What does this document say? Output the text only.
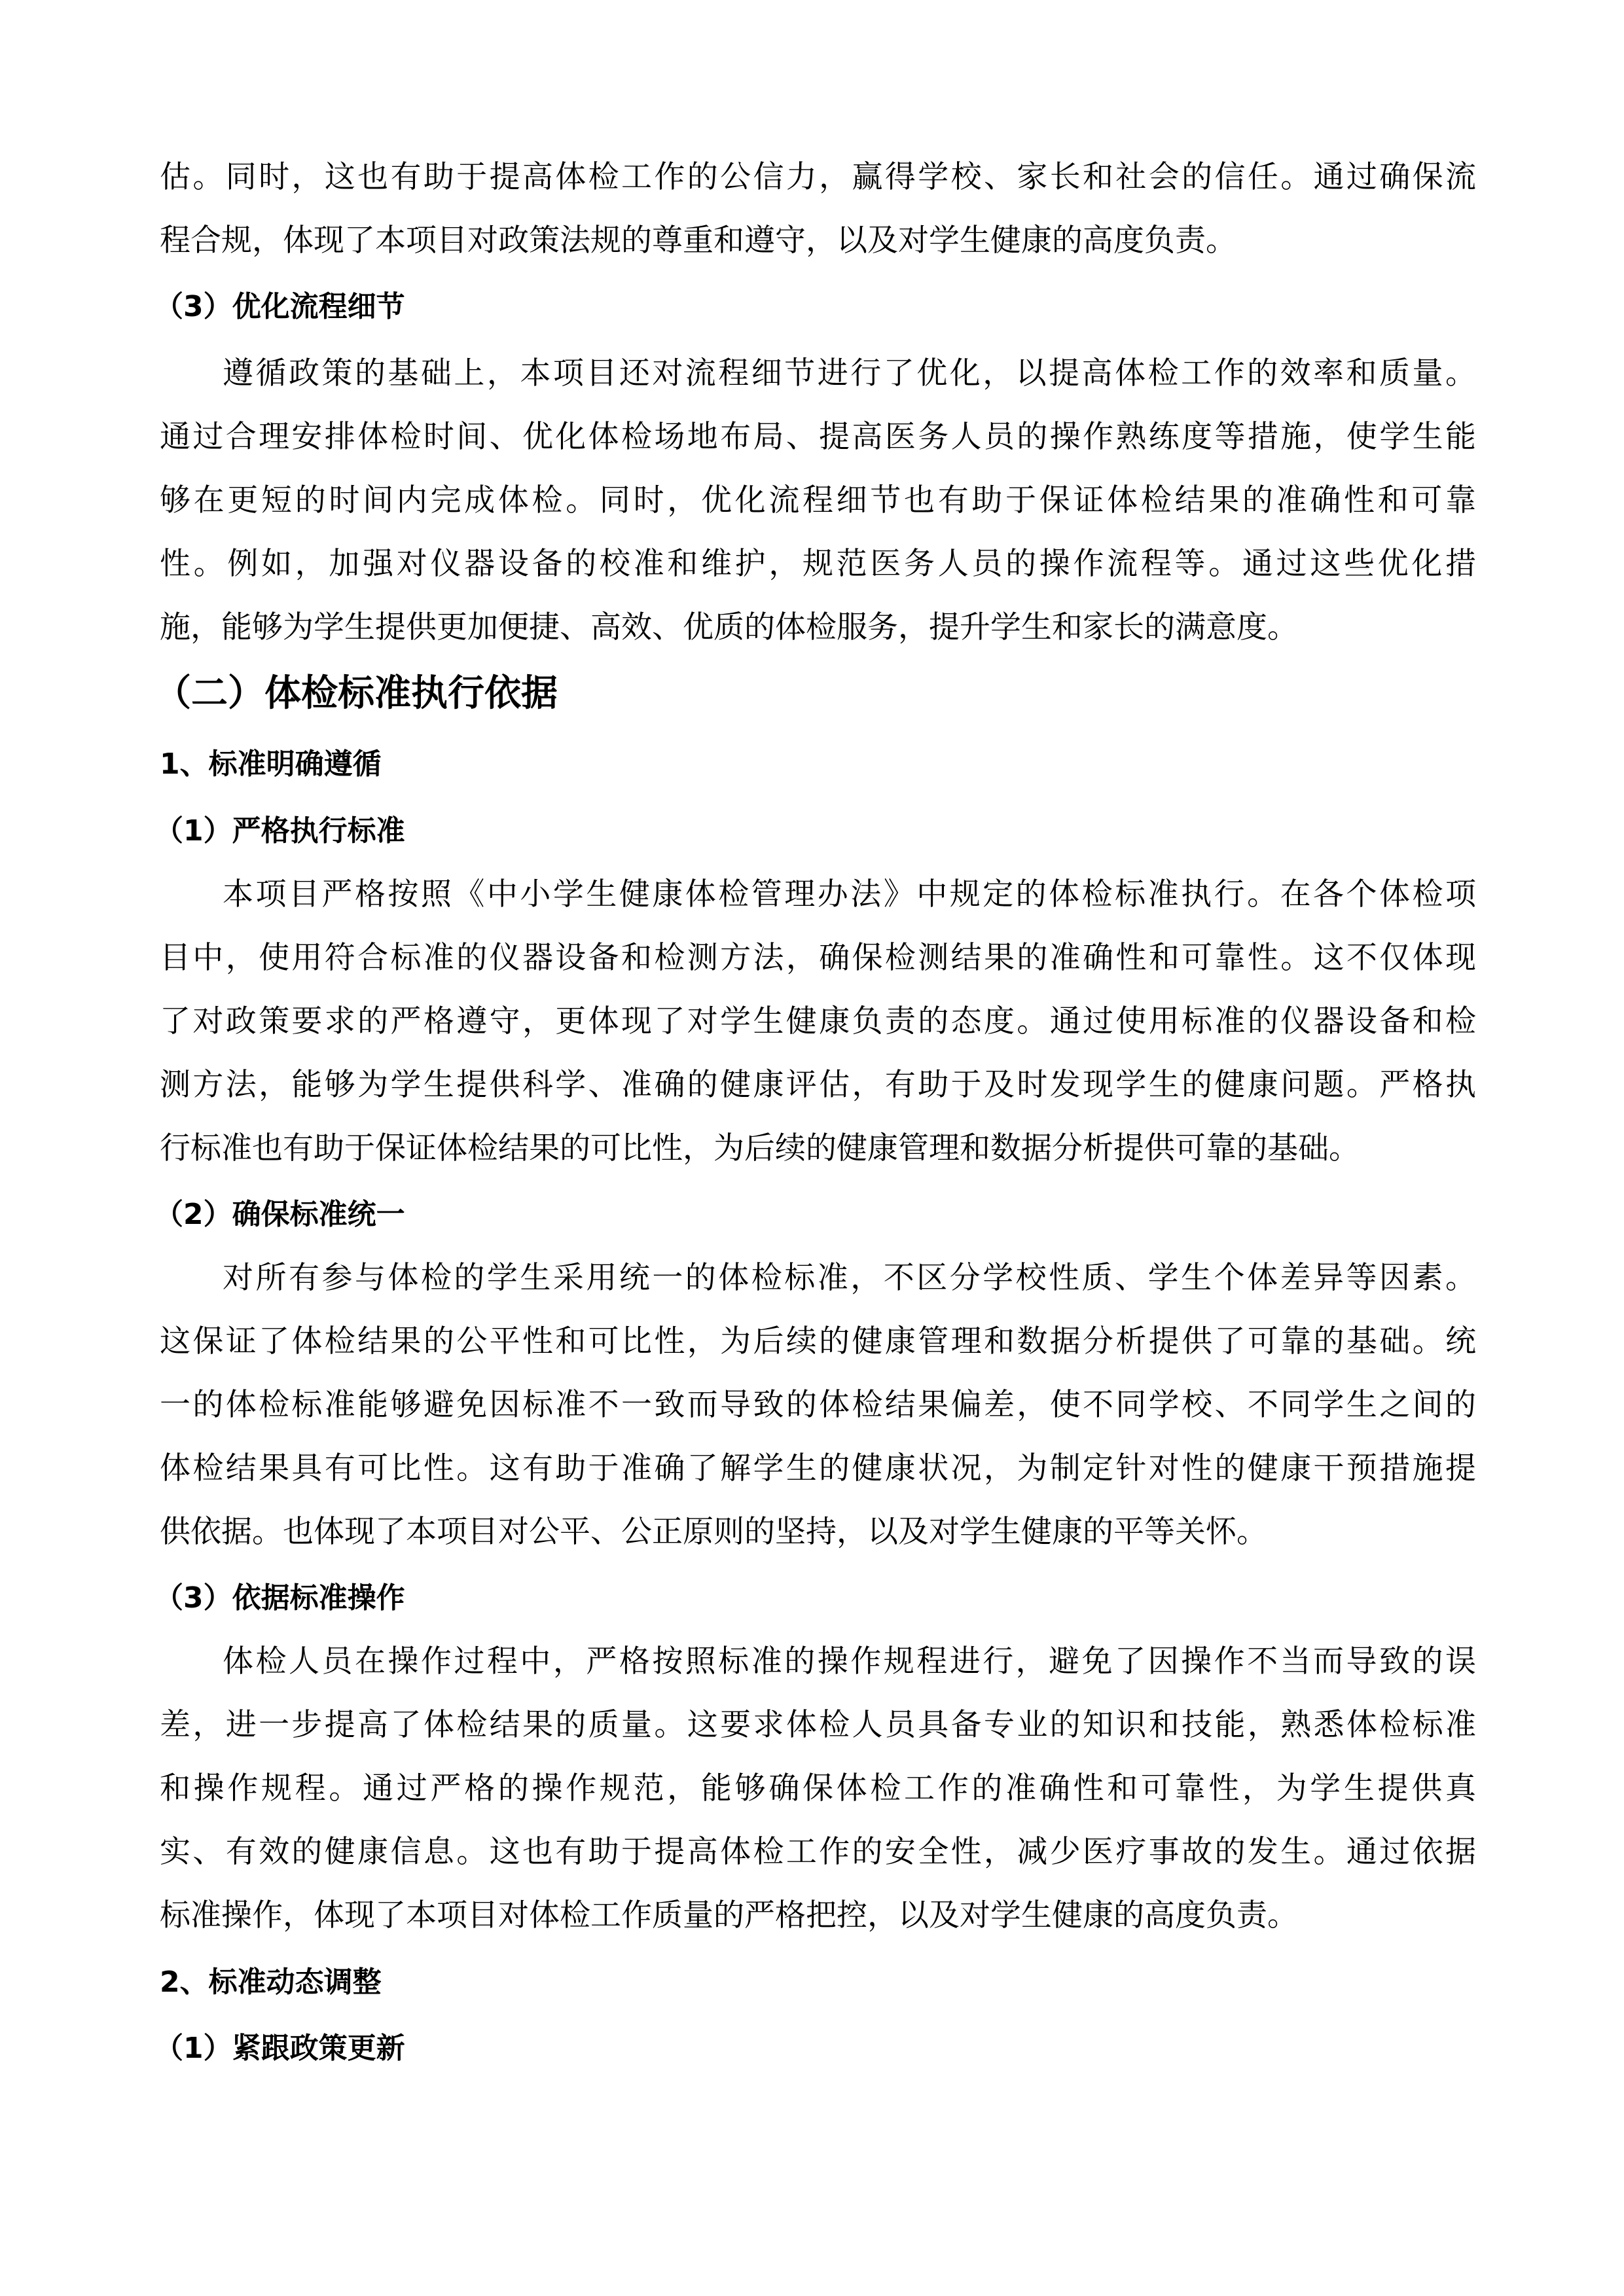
估。同时，这也有助于提高体检工作的公信力，赢得学校、家长和社会的信任。通过确保流
程合规，体现了本项目对政策法规的尊重和遵守，以及对学生健康的高度负责。
（3）优化流程细节
遵循政策的基础上，本项目还对流程细节进行了优化，以提高体检工作的效率和质量。
通过合理安排体检时间、优化体检场地布局、提高医务人员的操作熟练度等措施，使学生能
够在更短的时间内完成体检。同时，优化流程细节也有助于保证体检结果的准确性和可靠
性。例如，加强对仪器设备的校准和维护，规范医务人员的操作流程等。通过这些优化措
施，能够为学生提供更加便捷、高效、优质的体检服务，提升学生和家长的满意度。
（二）体检标准执行依据
1、标准明确遵循
（1）严格执行标准
本项目严格按照《中小学生健康体检管理办法》中规定的体检标准执行。在各个体检项
目中，使用符合标准的仪器设备和检测方法，确保检测结果的准确性和可靠性。这不仅体现
了对政策要求的严格遵守，更体现了对学生健康负责的态度。通过使用标准的仪器设备和检
测方法，能够为学生提供科学、准确的健康评估，有助于及时发现学生的健康问题。严格执
行标准也有助于保证体检结果的可比性，为后续的健康管理和数据分析提供可靠的基础。
（2）确保标准统一
对所有参与体检的学生采用统一的体检标准，不区分学校性质、学生个体差异等因素。
这保证了体检结果的公平性和可比性，为后续的健康管理和数据分析提供了可靠的基础。统
一的体检标准能够避免因标准不一致而导致的体检结果偏差，使不同学校、不同学生之间的
体检结果具有可比性。这有助于准确了解学生的健康状况，为制定针对性的健康干预措施提
供依据。也体现了本项目对公平、公正原则的坚持，以及对学生健康的平等关怀。
（3）依据标准操作
体检人员在操作过程中，严格按照标准的操作规程进行，避免了因操作不当而导致的误
差，进一步提高了体检结果的质量。这要求体检人员具备专业的知识和技能，熟悉体检标准
和操作规程。通过严格的操作规范，能够确保体检工作的准确性和可靠性，为学生提供真
实、有效的健康信息。这也有助于提高体检工作的安全性，减少医疗事故的发生。通过依据
标准操作，体现了本项目对体检工作质量的严格把控，以及对学生健康的高度负责。
2、标准动态调整
（1）紧跟政策更新
